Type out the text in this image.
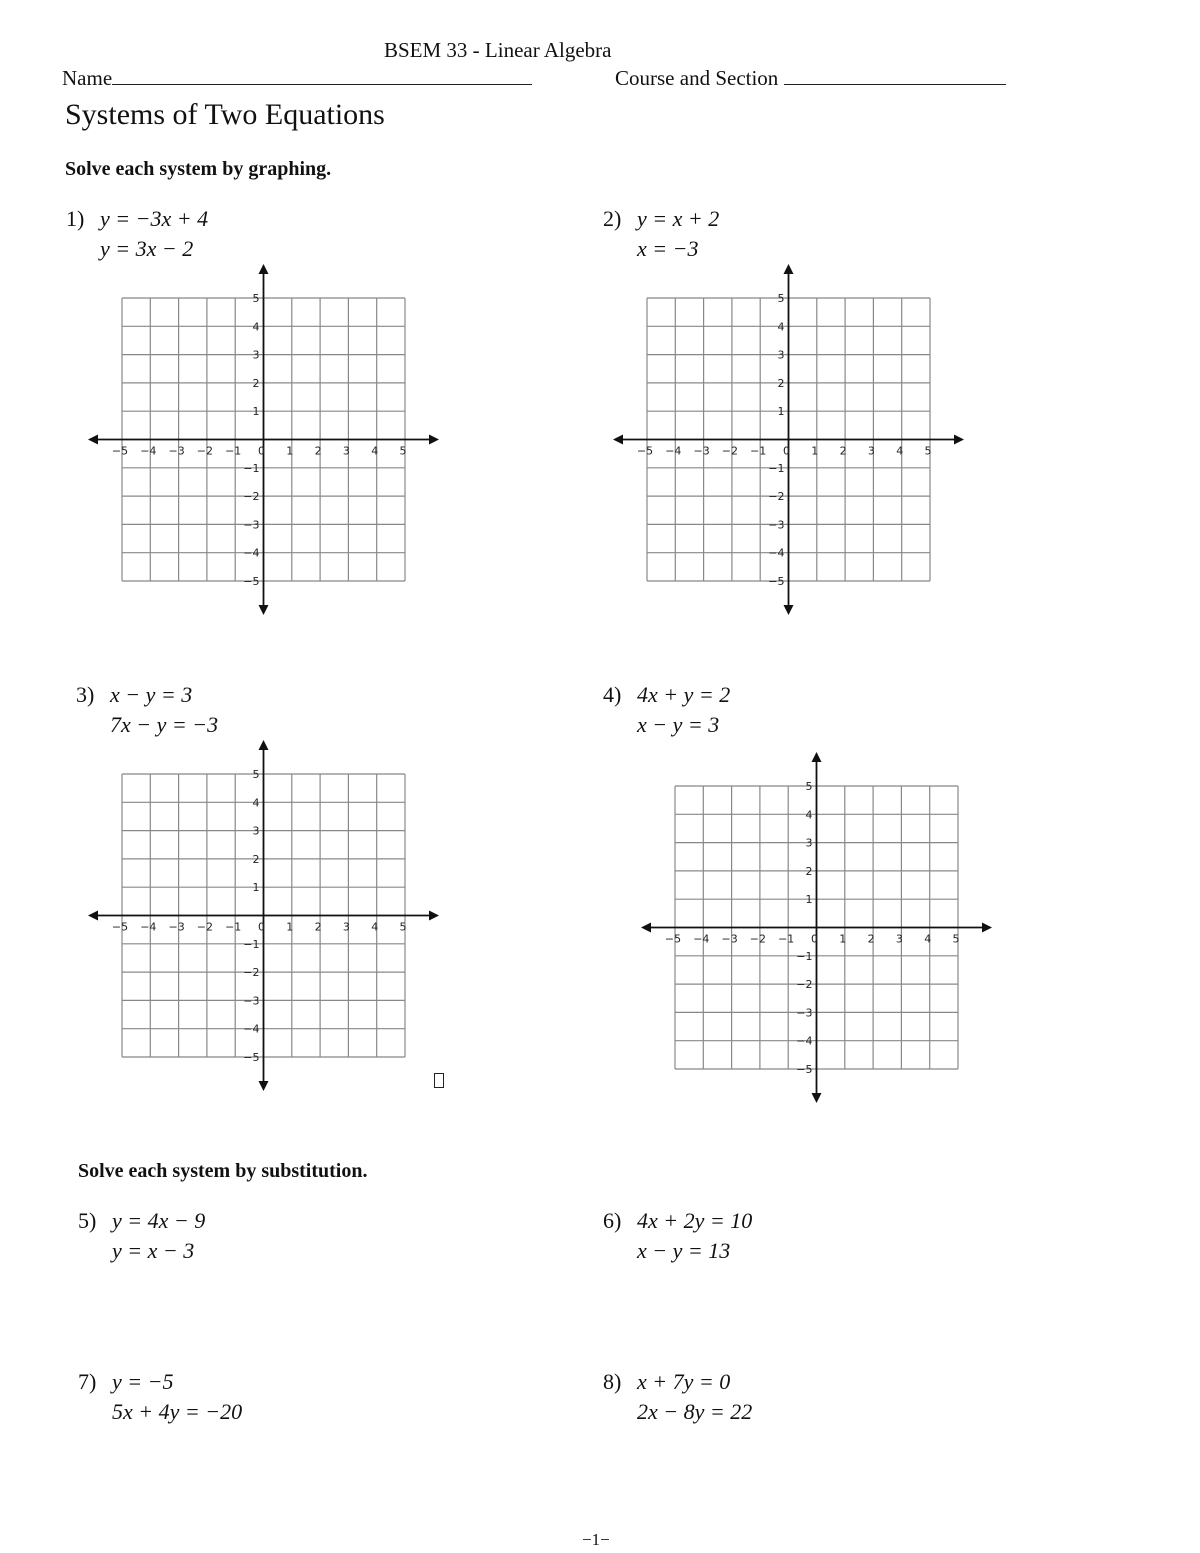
BSEM 33 - Linear Algebra
Name	Course and Section
Systems of Two Equations
Solve each system by graphing.
1) y = −3x + 4
y = 3x − 2
2) y = x + 2
x = −3
3) x − y = 3
7x − y = −3
4) 4x + y = 2
x − y = 3
−5 −4 −3 −2 −1 0 1 2 3 4 5
5
4
3
2
1
−1
−2
−3
−4
−5
−5 −4 −3 −2 −1 0 1 2 3 4 5
5
4
3
2
1
−1
−2
−3
−4
−5
−5 −4 −3 −2 −1 0 1 2 3 4 5
5
4
3
2
1
−1
−2
−3
−4
−5
−5 −4 −3 −2 −1 0 1 2 3 4 5
5
4
3
2
1
−1
−2
−3
−4
−5
Solve each system by substitution.
5) y = 4x − 9
y = x − 3
6) 4x + 2y = 10
x − y = 13
7) y = −5
5x + 4y = −20
8) x + 7y = 0
2x − 8y = 22
−1−
